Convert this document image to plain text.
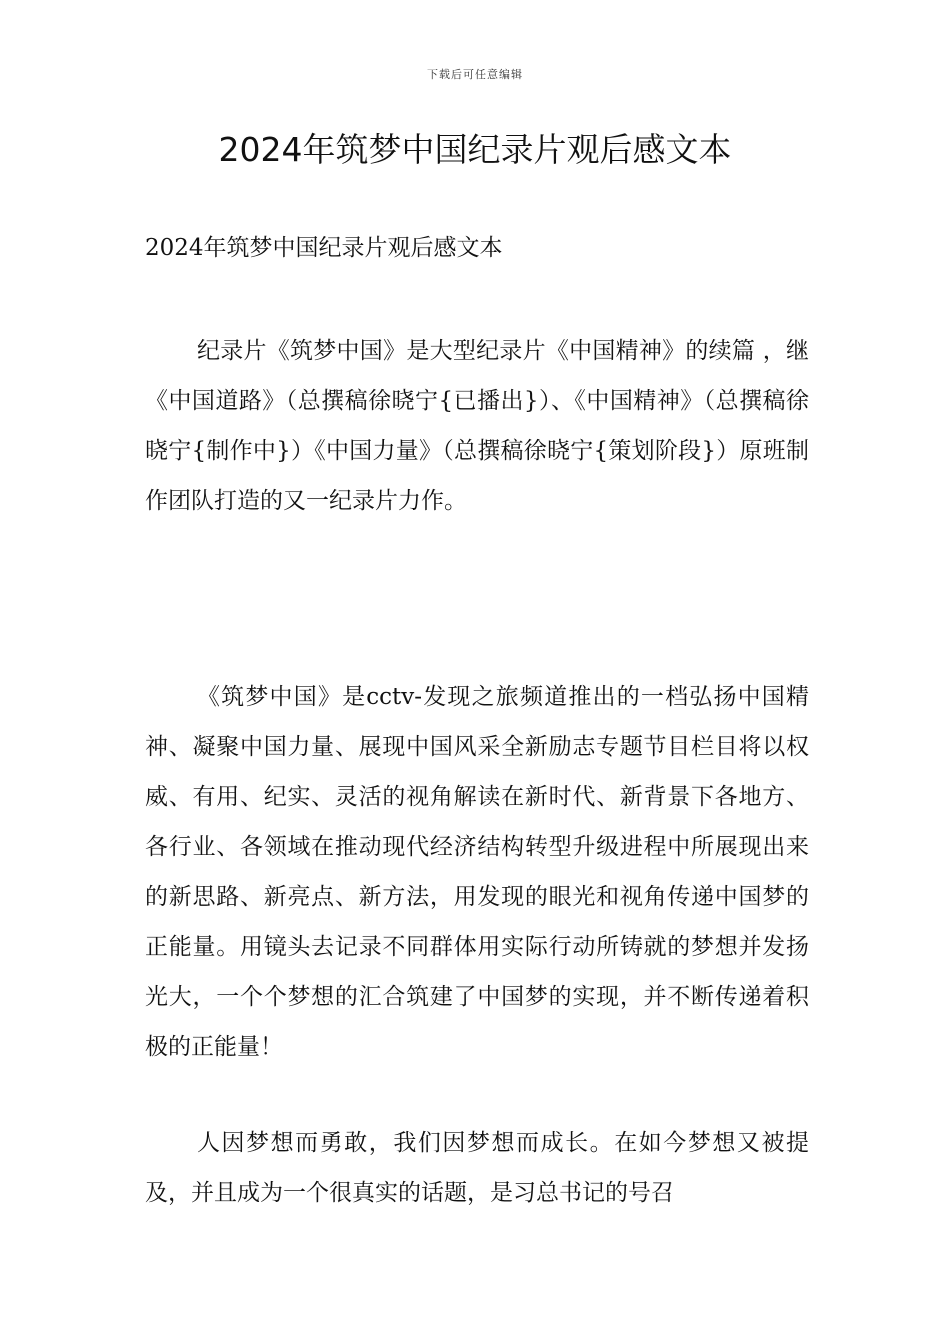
下载后可任意编辑
2024年筑梦中国纪录片观后感文本
2024年筑梦中国纪录片观后感文本

纪录片《筑梦中国》是大型纪录片《中国精神》的续篇 ，继《中国道路》（总撰稿徐晓宁{已播出}）、《中国精神》（总撰稿徐晓宁{制作中}）《中国力量》（总撰稿徐晓宁{策划阶段}）原班制作团队打造的又一纪录片力作。

《筑梦中国》是cctv-发现之旅频道推出的一档弘扬中国精神、凝聚中国力量、展现中国风采全新励志专题节目栏目将以权威、有用、纪实、灵活的视角解读在新时代、新背景下各地方、各行业、各领域在推动现代经济结构转型升级进程中所展现出来的新思路、新亮点、新方法，用发现的眼光和视角传递中国梦的正能量。用镜头去记录不同群体用实际行动所铸就的梦想并发扬光大，一个个梦想的汇合筑建了中国梦的实现，并不断传递着积极的正能量！

人因梦想而勇敢，我们因梦想而成长。在如今梦想又被提及，并且成为一个很真实的话题，是习总书记的号召
